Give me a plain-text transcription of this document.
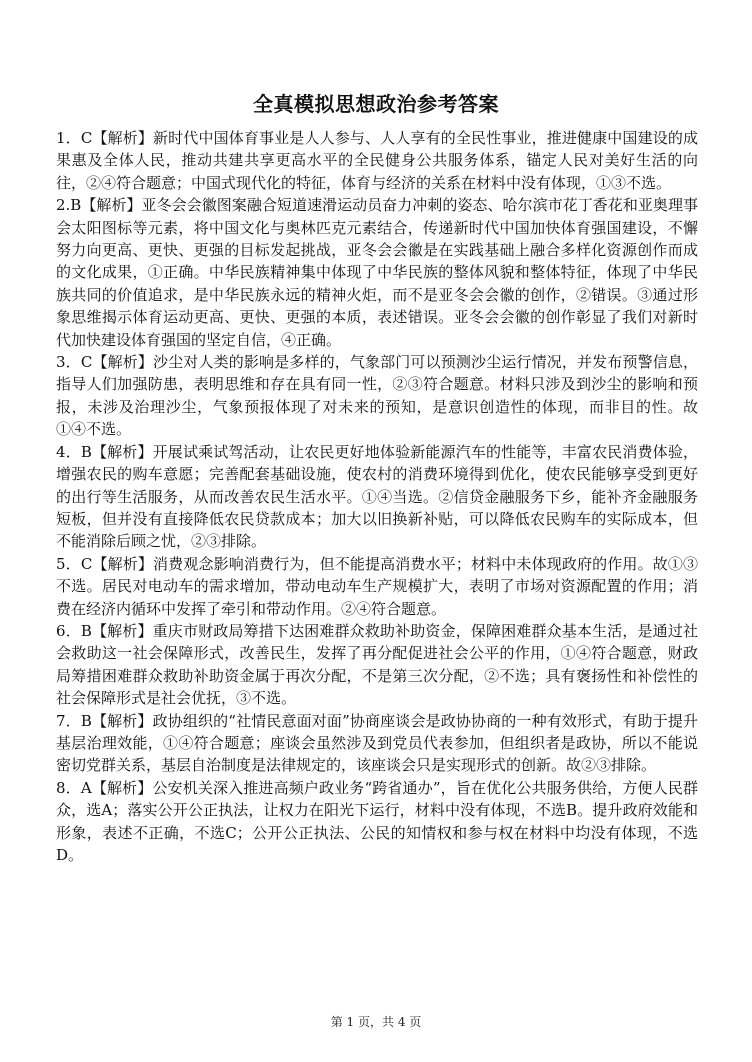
全真模拟思想政治参考答案

1．C【解析】新时代中国体育事业是人人参与、人人享有的全民性事业，推进健康中国建设的成果惠及全体人民，推动共建共享更高水平的全民健身公共服务体系，锚定人民对美好生活的向往，②④符合题意；中国式现代化的特征，体育与经济的关系在材料中没有体现，①③不选。

2.B【解析】亚冬会会徽图案融合短道速滑运动员奋力冲刺的姿态、哈尔滨市花丁香花和亚奥理事会太阳图标等元素，将中国文化与奥林匹克元素结合，传递新时代中国加快体育强国建设，不懈努力向更高、更快、更强的目标发起挑战，亚冬会会徽是在实践基础上融合多样化资源创作而成的文化成果，①正确。中华民族精神集中体现了中华民族的整体风貌和整体特征，体现了中华民族共同的价值追求，是中华民族永远的精神火炬，而不是亚冬会会徽的创作，②错误。③通过形象思维揭示体育运动更高、更快、更强的本质，表述错误。亚冬会会徽的创作彰显了我们对新时代加快建设体育强国的坚定自信，④正确。

3．C【解析】沙尘对人类的影响是多样的，气象部门可以预测沙尘运行情况，并发布预警信息，指导人们加强防患，表明思维和存在具有同一性，②③符合题意。材料只涉及到沙尘的影响和预报，未涉及治理沙尘，气象预报体现了对未来的预知，是意识创造性的体现，而非目的性。故①④不选。

4．B【解析】开展试乘试驾活动，让农民更好地体验新能源汽车的性能等，丰富农民消费体验，增强农民的购车意愿；完善配套基础设施，使农村的消费环境得到优化，使农民能够享受到更好的出行等生活服务，从而改善农民生活水平。①④当选。②信贷金融服务下乡，能补齐金融服务短板，但并没有直接降低农民贷款成本；加大以旧换新补贴，可以降低农民购车的实际成本，但不能消除后顾之忧，②③排除。

5．C【解析】消费观念影响消费行为，但不能提高消费水平；材料中未体现政府的作用。故①③不选。居民对电动车的需求增加，带动电动车生产规模扩大，表明了市场对资源配置的作用；消费在经济内循环中发挥了牵引和带动作用。②④符合题意。

6．B【解析】重庆市财政局筹措下达困难群众救助补助资金，保障困难群众基本生活，是通过社会救助这一社会保障形式，改善民生，发挥了再分配促进社会公平的作用，①④符合题意，财政局筹措困难群众救助补助资金属于再次分配，不是第三次分配，②不选；具有褒扬性和补偿性的社会保障形式是社会优抚，③不选。

7．B【解析】政协组织的“社情民意面对面”协商座谈会是政协协商的一种有效形式，有助于提升基层治理效能，①④符合题意；座谈会虽然涉及到党员代表参加，但组织者是政协，所以不能说密切党群关系，基层自治制度是法律规定的，该座谈会只是实现形式的创新。故②③排除。

8．A【解析】公安机关深入推进高频户政业务“跨省通办”，旨在优化公共服务供给，方便人民群众，选A；落实公开公正执法，让权力在阳光下运行，材料中没有体现，不选B。提升政府效能和形象，表述不正确，不选C；公开公正执法、公民的知情权和参与权在材料中均没有体现，不选D。

第 1 页，共 4 页
